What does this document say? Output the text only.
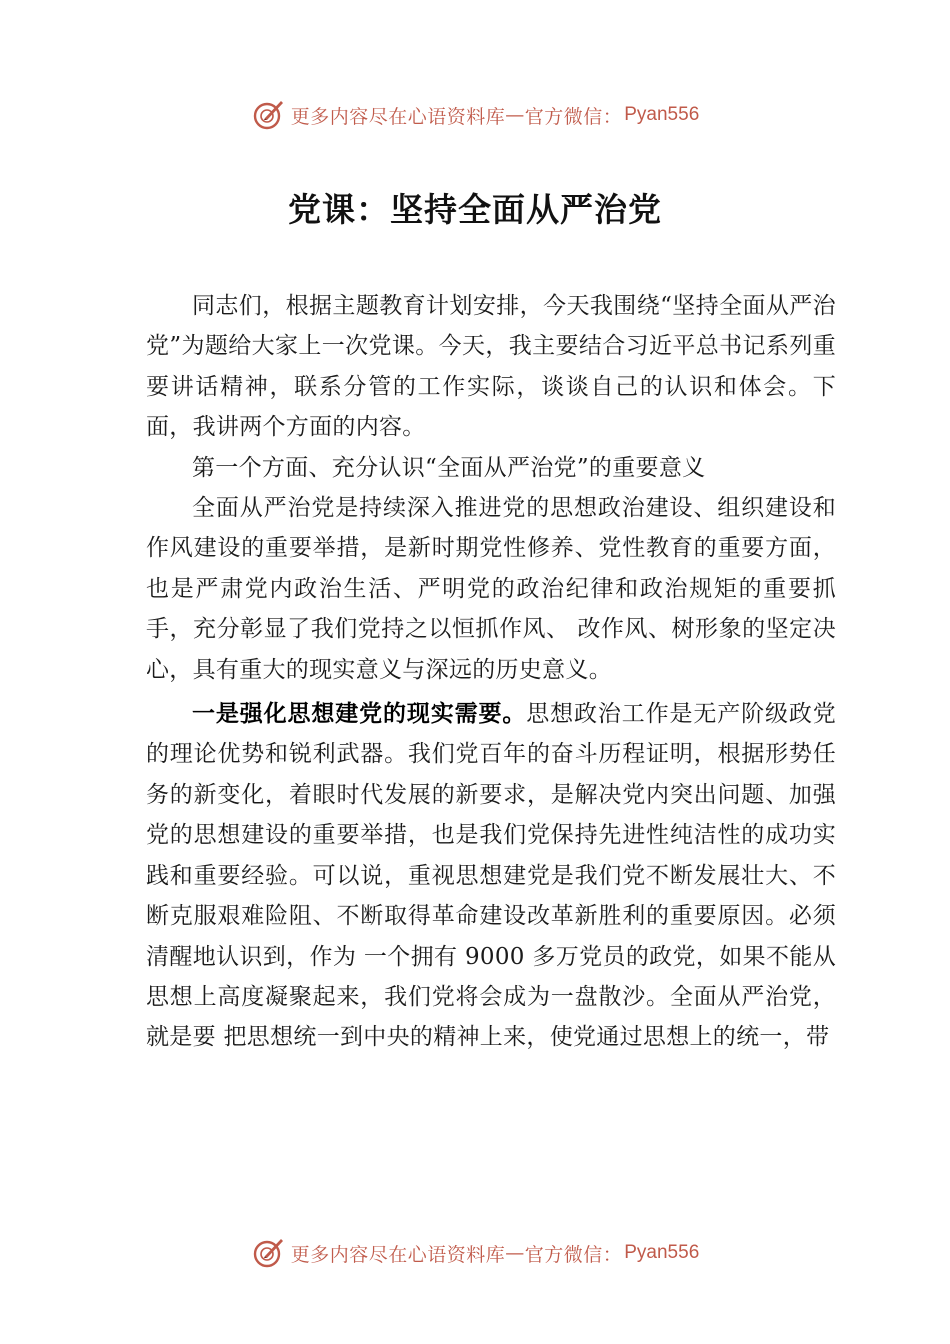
更多内容尽在心语资料库 — 官方微信： Pyan556
党课：坚持全面从严治党

同志们，根据主题教育计划安排，今天我围绕“坚持全面从严治党”为题给大家上一次党课。今天，我主要结合习近平总书记系列重要讲话精神，联系分管的工作实际，谈谈自己的认识和体会。下面，我讲两个方面的内容。

第一个方面、充分认识“全面从严治党”的重要意义

全面从严治党是持续深入推进党的思想政治建设、组织建设和作风建设的重要举措，是新时期党性修养、党性教育的重要方面，也是严肃党内政治生活、严明党的政治纪律和政治规矩的重要抓手，充分彰显了我们党持之以恒抓作风、 改作风、树形象的坚定决心，具有重大的现实意义与深远的历史意义。

一是强化思想建党的现实需要。思想政治工作是无产阶级政党的理论优势和锐利武器。我们党百年的奋斗历程证明，根据形势任务的新变化，着眼时代发展的新要求，是解决党内突出问题、加强党的思想建设的重要举措，也是我们党保持先进性纯洁性的成功实践和重要经验。可以说，重视思想建党是我们党不断发展壮大、不断克服艰难险阻、不断取得革命建设改革新胜利的重要原因。必须清醒地认识到，作为 一个拥有 9000 多万党员的政党，如果不能从思想上高度凝聚起来，我们党将会成为一盘散沙。全面从严治党，就是要 把思想统一到中央的精神上来，使党通过思想上的统一，带

更多内容尽在心语资料库 — 官方微信： Pyan556
